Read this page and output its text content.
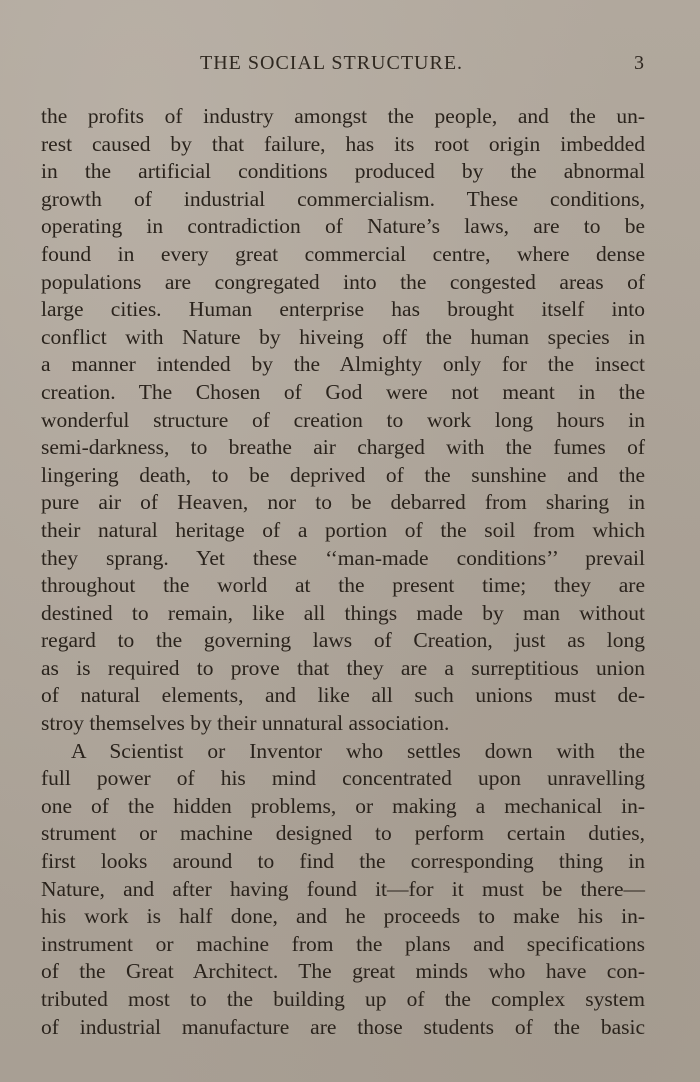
THE SOCIAL STRUCTURE.	3
the profits of industry amongst the people, and the un-
rest caused by that failure, has its root origin imbedded
in the artificial conditions produced by the abnormal
growth of industrial commercialism. These conditions,
operating in contradiction of Nature’s laws, are to be
found in every great commercial centre, where dense
populations are congregated into the congested areas of
large cities. Human enterprise has brought itself into
conflict with Nature by hiveing off the human species in
a manner intended by the Almighty only for the insect
creation. The Chosen of God were not meant in the
wonderful structure of creation to work long hours in
semi-darkness, to breathe air charged with the fumes of
lingering death, to be deprived of the sunshine and the
pure air of Heaven, nor to be debarred from sharing in
their natural heritage of a portion of the soil from which
they sprang. Yet these ‘‘man-made conditions’’ prevail
throughout the world at the present time; they are
destined to remain, like all things made by man without
regard to the governing laws of Creation, just as long
as is required to prove that they are a surreptitious union
of natural elements, and like all such unions must de-
stroy themselves by their unnatural association.
A Scientist or Inventor who settles down with the
full power of his mind concentrated upon unravelling
one of the hidden problems, or making a mechanical in-
strument or machine designed to perform certain duties,
first looks around to find the corresponding thing in
Nature, and after having found it—for it must be there—
his work is half done, and he proceeds to make his in-
instrument or machine from the plans and specifications
of the Great Architect. The great minds who have con-
tributed most to the building up of the complex system
of industrial manufacture are those students of the basic
